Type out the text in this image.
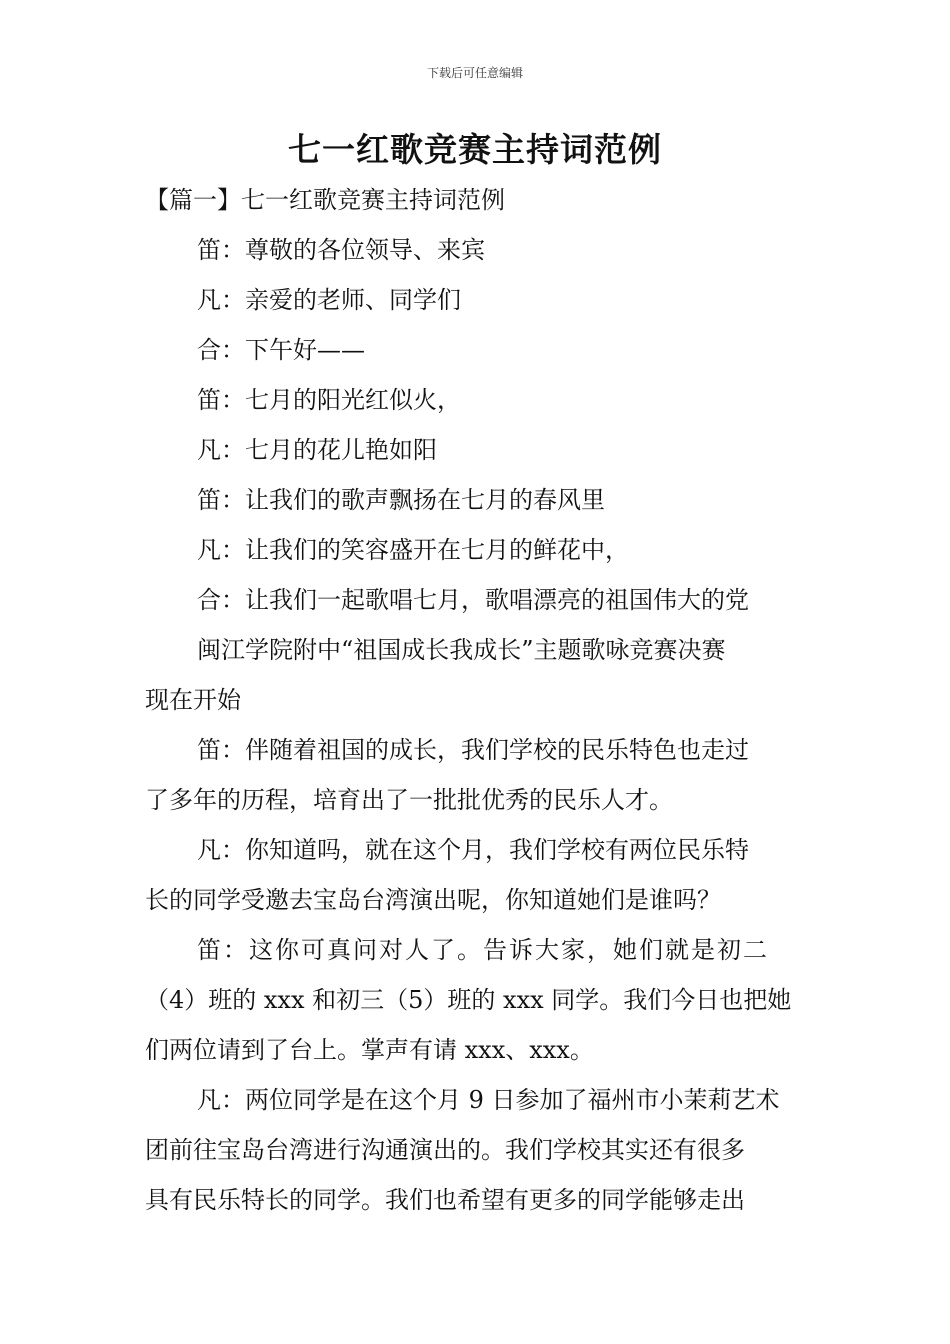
下载后可任意编辑
七一红歌竞赛主持词范例
【篇一】七一红歌竞赛主持词范例
笛：尊敬的各位领导、来宾
凡：亲爱的老师、同学们
合：下午好——
笛：七月的阳光红似火，
凡：七月的花儿艳如阳
笛：让我们的歌声飘扬在七月的春风里
凡：让我们的笑容盛开在七月的鲜花中，
合：让我们一起歌唱七月，歌唱漂亮的祖国伟大的党
闽江学院附中“祖国成长我成长”主题歌咏竞赛决赛
现在开始
笛：伴随着祖国的成长，我们学校的民乐特色也走过
了多年的历程，培育出了一批批优秀的民乐人才。
凡：你知道吗，就在这个月，我们学校有两位民乐特
长的同学受邀去宝岛台湾演出呢，你知道她们是谁吗？
笛：这你可真问对人了。告诉大家，她们就是初二
（4）班的 xxx 和初三（5）班的 xxx 同学。我们今日也把她
们两位请到了台上。掌声有请 xxx、xxx。
凡：两位同学是在这个月 9 日参加了福州市小茉莉艺术
团前往宝岛台湾进行沟通演出的。我们学校其实还有很多
具有民乐特长的同学。我们也希望有更多的同学能够走出
